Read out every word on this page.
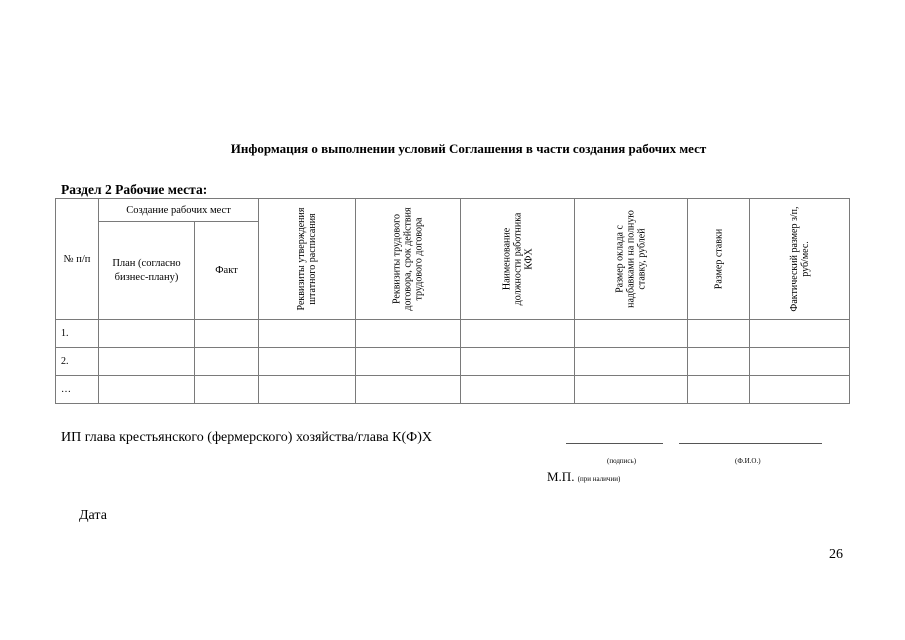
Информация о выполнении условий Соглашения в части создания рабочих мест
Раздел 2 Рабочие места:
№ п/п	Создание рабочих мест		Реквизиты утверждения штатного расписания	Реквизиты трудового договора, срок действия трудового договора	Наименование должности работника КФХ	Размер оклада с надбавками на полную ставку, рублей	Размер ставки	Фактический размер з/п, руб/мес.

	План (согласно бизнес-плану)	Факт						
1.								
2.								
…								
ИП глава крестьянского (фермерского) хозяйства/глава К(Ф)Х
(подпись)	(Ф.И.О.)
М.П. (при наличии)
Дата
26
